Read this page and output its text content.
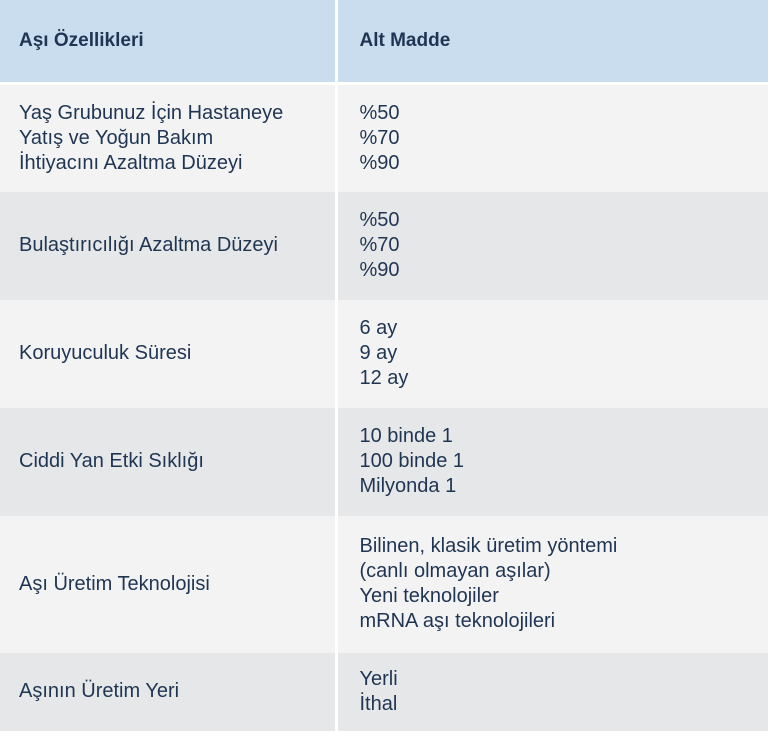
Aşı Özellikleri	Alt Madde

Yaş Grubunuz İçin Hastaneye
Yatış ve Yoğun Bakım
İhtiyacını Azaltma Düzeyi	%50
%70
%90

Bulaştırıcılığı Azaltma Düzeyi	%50
%70
%90

Koruyuculuk Süresi	6 ay
9 ay
12 ay

Ciddi Yan Etki Sıklığı	10 binde 1
100 binde 1
Milyonda 1

Aşı Üretim Teknolojisi	Bilinen, klasik üretim yöntemi
(canlı olmayan aşılar)
Yeni teknolojiler
mRNA aşı teknolojileri

Aşının Üretim Yeri	Yerli
İthal
